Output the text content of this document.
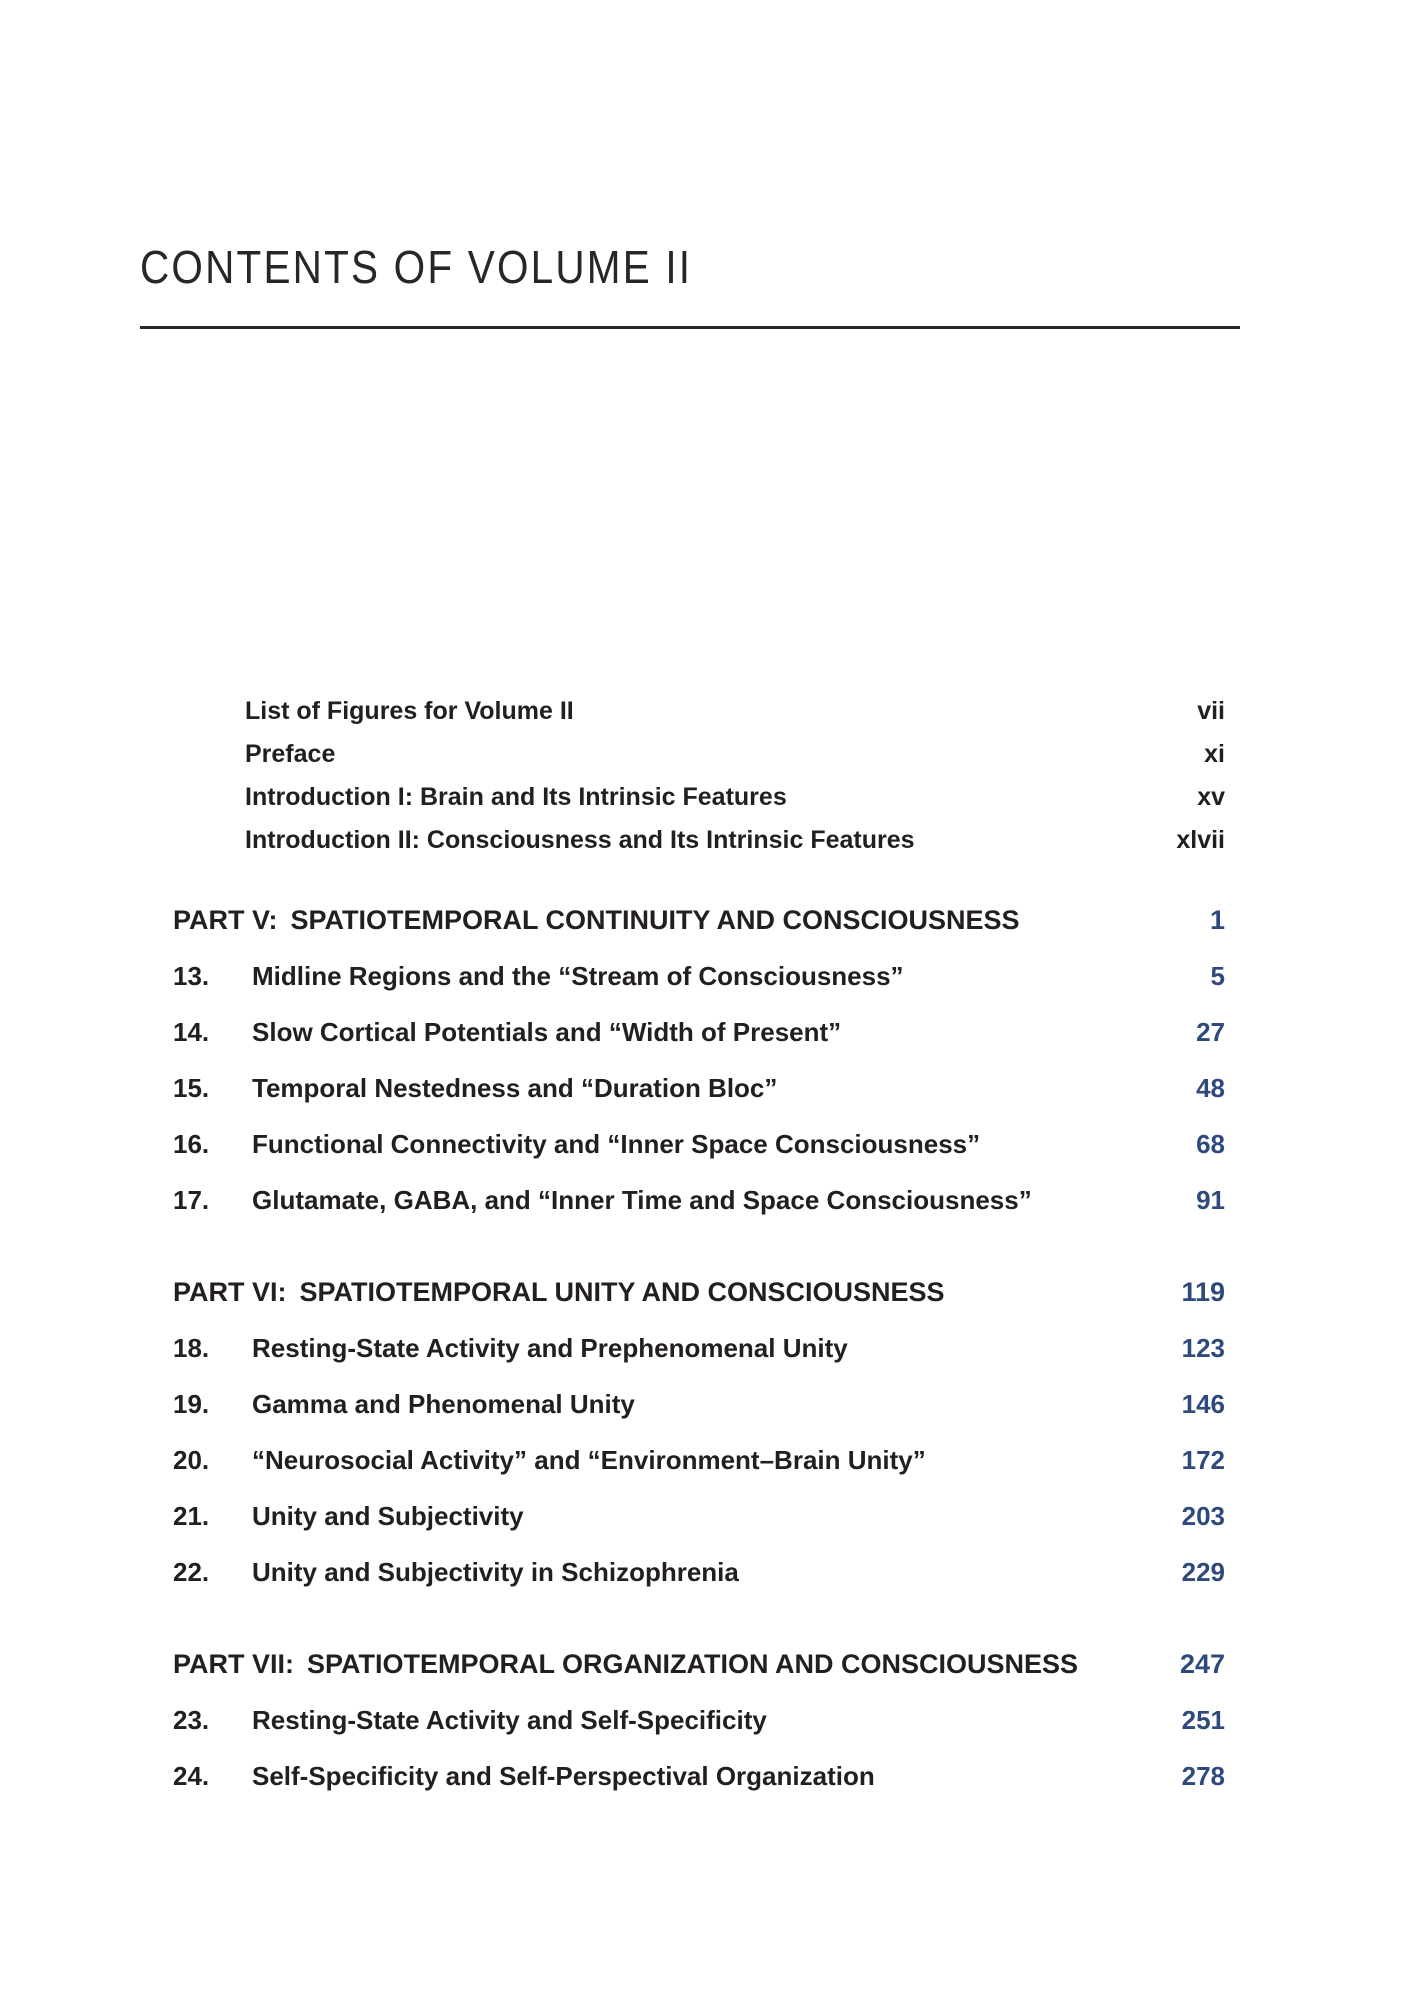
CONTENTS OF VOLUME II
List of Figures for Volume II	vii
Preface	xi
Introduction I: Brain and Its Intrinsic Features	xv
Introduction II: Consciousness and Its Intrinsic Features	xlvii
PART V: SPATIOTEMPORAL CONTINUITY AND CONSCIOUSNESS	1
13.	Midline Regions and the “Stream of Consciousness”	5
14.	Slow Cortical Potentials and “Width of Present”	27
15.	Temporal Nestedness and “Duration Bloc”	48
16.	Functional Connectivity and “Inner Space Consciousness”	68
17.	Glutamate, GABA, and “Inner Time and Space Consciousness”	91
PART VI: SPATIOTEMPORAL UNITY AND CONSCIOUSNESS	119
18.	Resting-State Activity and Prephenomenal Unity	123
19.	Gamma and Phenomenal Unity	146
20.	“Neurosocial Activity” and “Environment–Brain Unity”	172
21.	Unity and Subjectivity	203
22.	Unity and Subjectivity in Schizophrenia	229
PART VII: SPATIOTEMPORAL ORGANIZATION AND CONSCIOUSNESS	247
23.	Resting-State Activity and Self-Specificity	251
24.	Self-Specificity and Self-Perspectival Organization	278
